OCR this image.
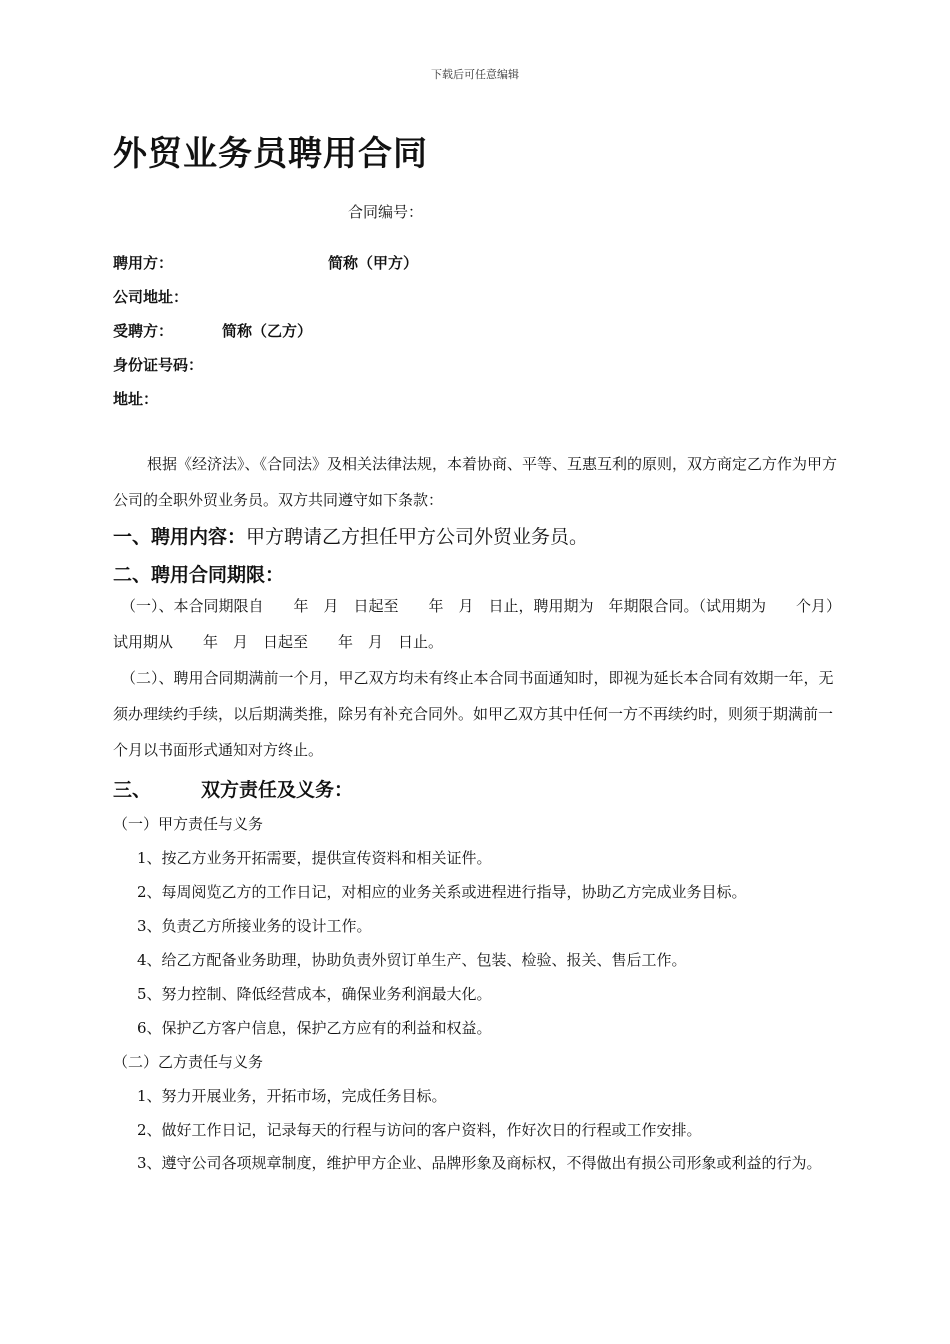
下载后可任意编辑
外贸业务员聘用合同
合同编号：
聘用方：	简称（甲方）
公司地址：
受聘方：	简称（乙方）
身份证号码：
地址：
根据《经济法》、《合同法》及相关法律法规，本着协商、平等、互惠互利的原则，双方商定乙方作为甲方公司的全职外贸业务员。双方共同遵守如下条款：
一、聘用内容：甲方聘请乙方担任甲方公司外贸业务员。
二、聘用合同期限：
（一）、本合同期限自　　年　月　日起至　　年　月　日止，聘用期为　年期限合同。（试用期为　　个月）试用期从　　年　月　日起至　　年　月　日止。
（二）、聘用合同期满前一个月，甲乙双方均未有终止本合同书面通知时，即视为延长本合同有效期一年，无须办理续约手续，以后期满类推，除另有补充合同外。如甲乙双方其中任何一方不再续约时，则须于期满前一个月以书面形式通知对方终止。
三、	双方责任及义务：
（一）甲方责任与义务
1、按乙方业务开拓需要，提供宣传资料和相关证件。
2、每周阅览乙方的工作日记，对相应的业务关系或进程进行指导，协助乙方完成业务目标。
3、负责乙方所接业务的设计工作。
4、给乙方配备业务助理，协助负责外贸订单生产、包装、检验、报关、售后工作。
5、努力控制、降低经营成本，确保业务利润最大化。
6、保护乙方客户信息，保护乙方应有的利益和权益。
（二）乙方责任与义务
1、努力开展业务，开拓市场，完成任务目标。
2、做好工作日记，记录每天的行程与访问的客户资料，作好次日的行程或工作安排。
3、遵守公司各项规章制度，维护甲方企业、品牌形象及商标权，不得做出有损公司形象或利益的行为。
